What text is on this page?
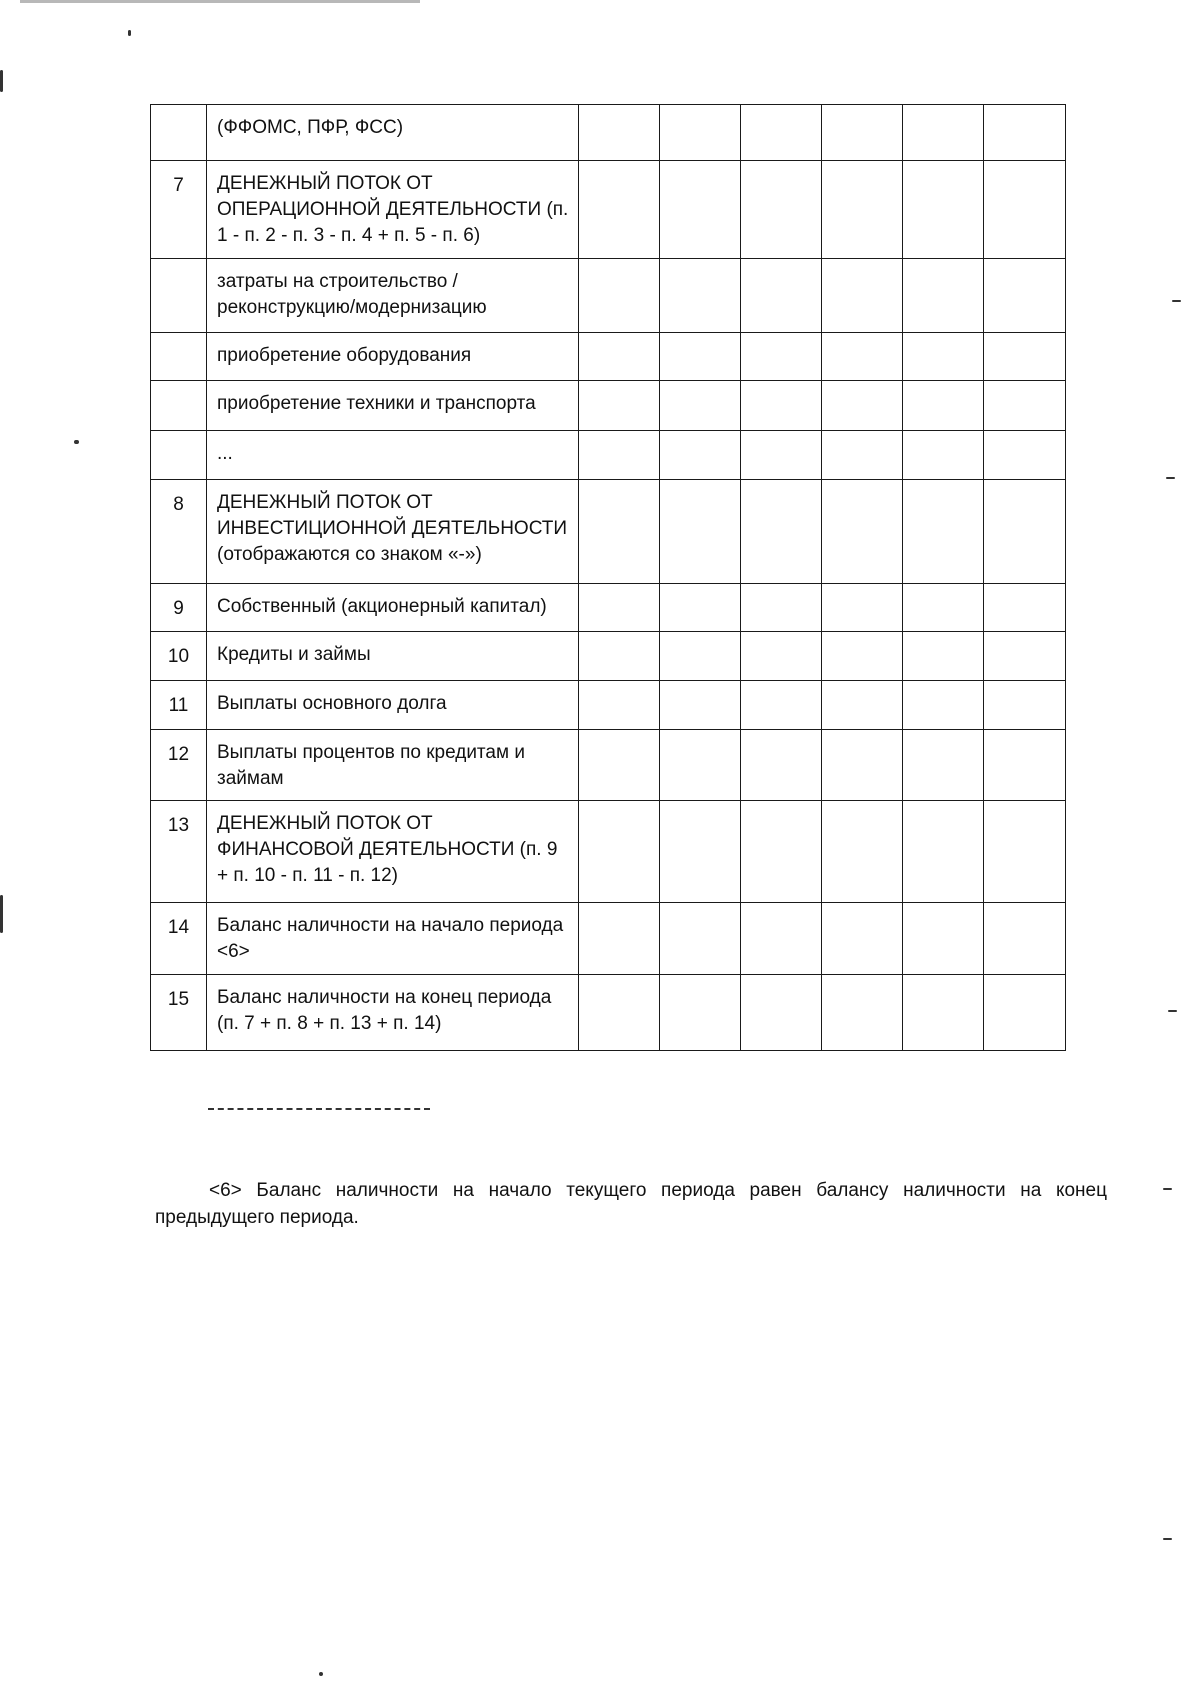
	(ФФОМС, ПФР, ФСС)						
7	ДЕНЕЖНЫЙ ПОТОК ОТ ОПЕРАЦИОННОЙ ДЕЯТЕЛЬНОСТИ (п. 1 - п. 2 - п. 3 - п. 4 + п. 5 - п. 6)						
	затраты на строительство /реконструкцию/модернизацию						
	приобретение оборудования						
	приобретение техники и транспорта						
	...						
8	ДЕНЕЖНЫЙ ПОТОК ОТ ИНВЕСТИЦИОННОЙ ДЕЯТЕЛЬНОСТИ (отображаются со знаком «-»)						
9	Собственный (акционерный капитал)						
10	Кредиты и займы						
11	Выплаты основного долга						
12	Выплаты процентов по кредитам и займам						
13	ДЕНЕЖНЫЙ ПОТОК ОТ ФИНАНСОВОЙ ДЕЯТЕЛЬНОСТИ (п. 9 + п. 10 - п. 11 - п. 12)						
14	Баланс наличности на начало периода <6>						
15	Баланс наличности на конец периода (п. 7 + п. 8 + п. 13 + п. 14)						

<6> Баланс наличности на начало текущего периода равен балансу наличности на конец предыдущего периода.
